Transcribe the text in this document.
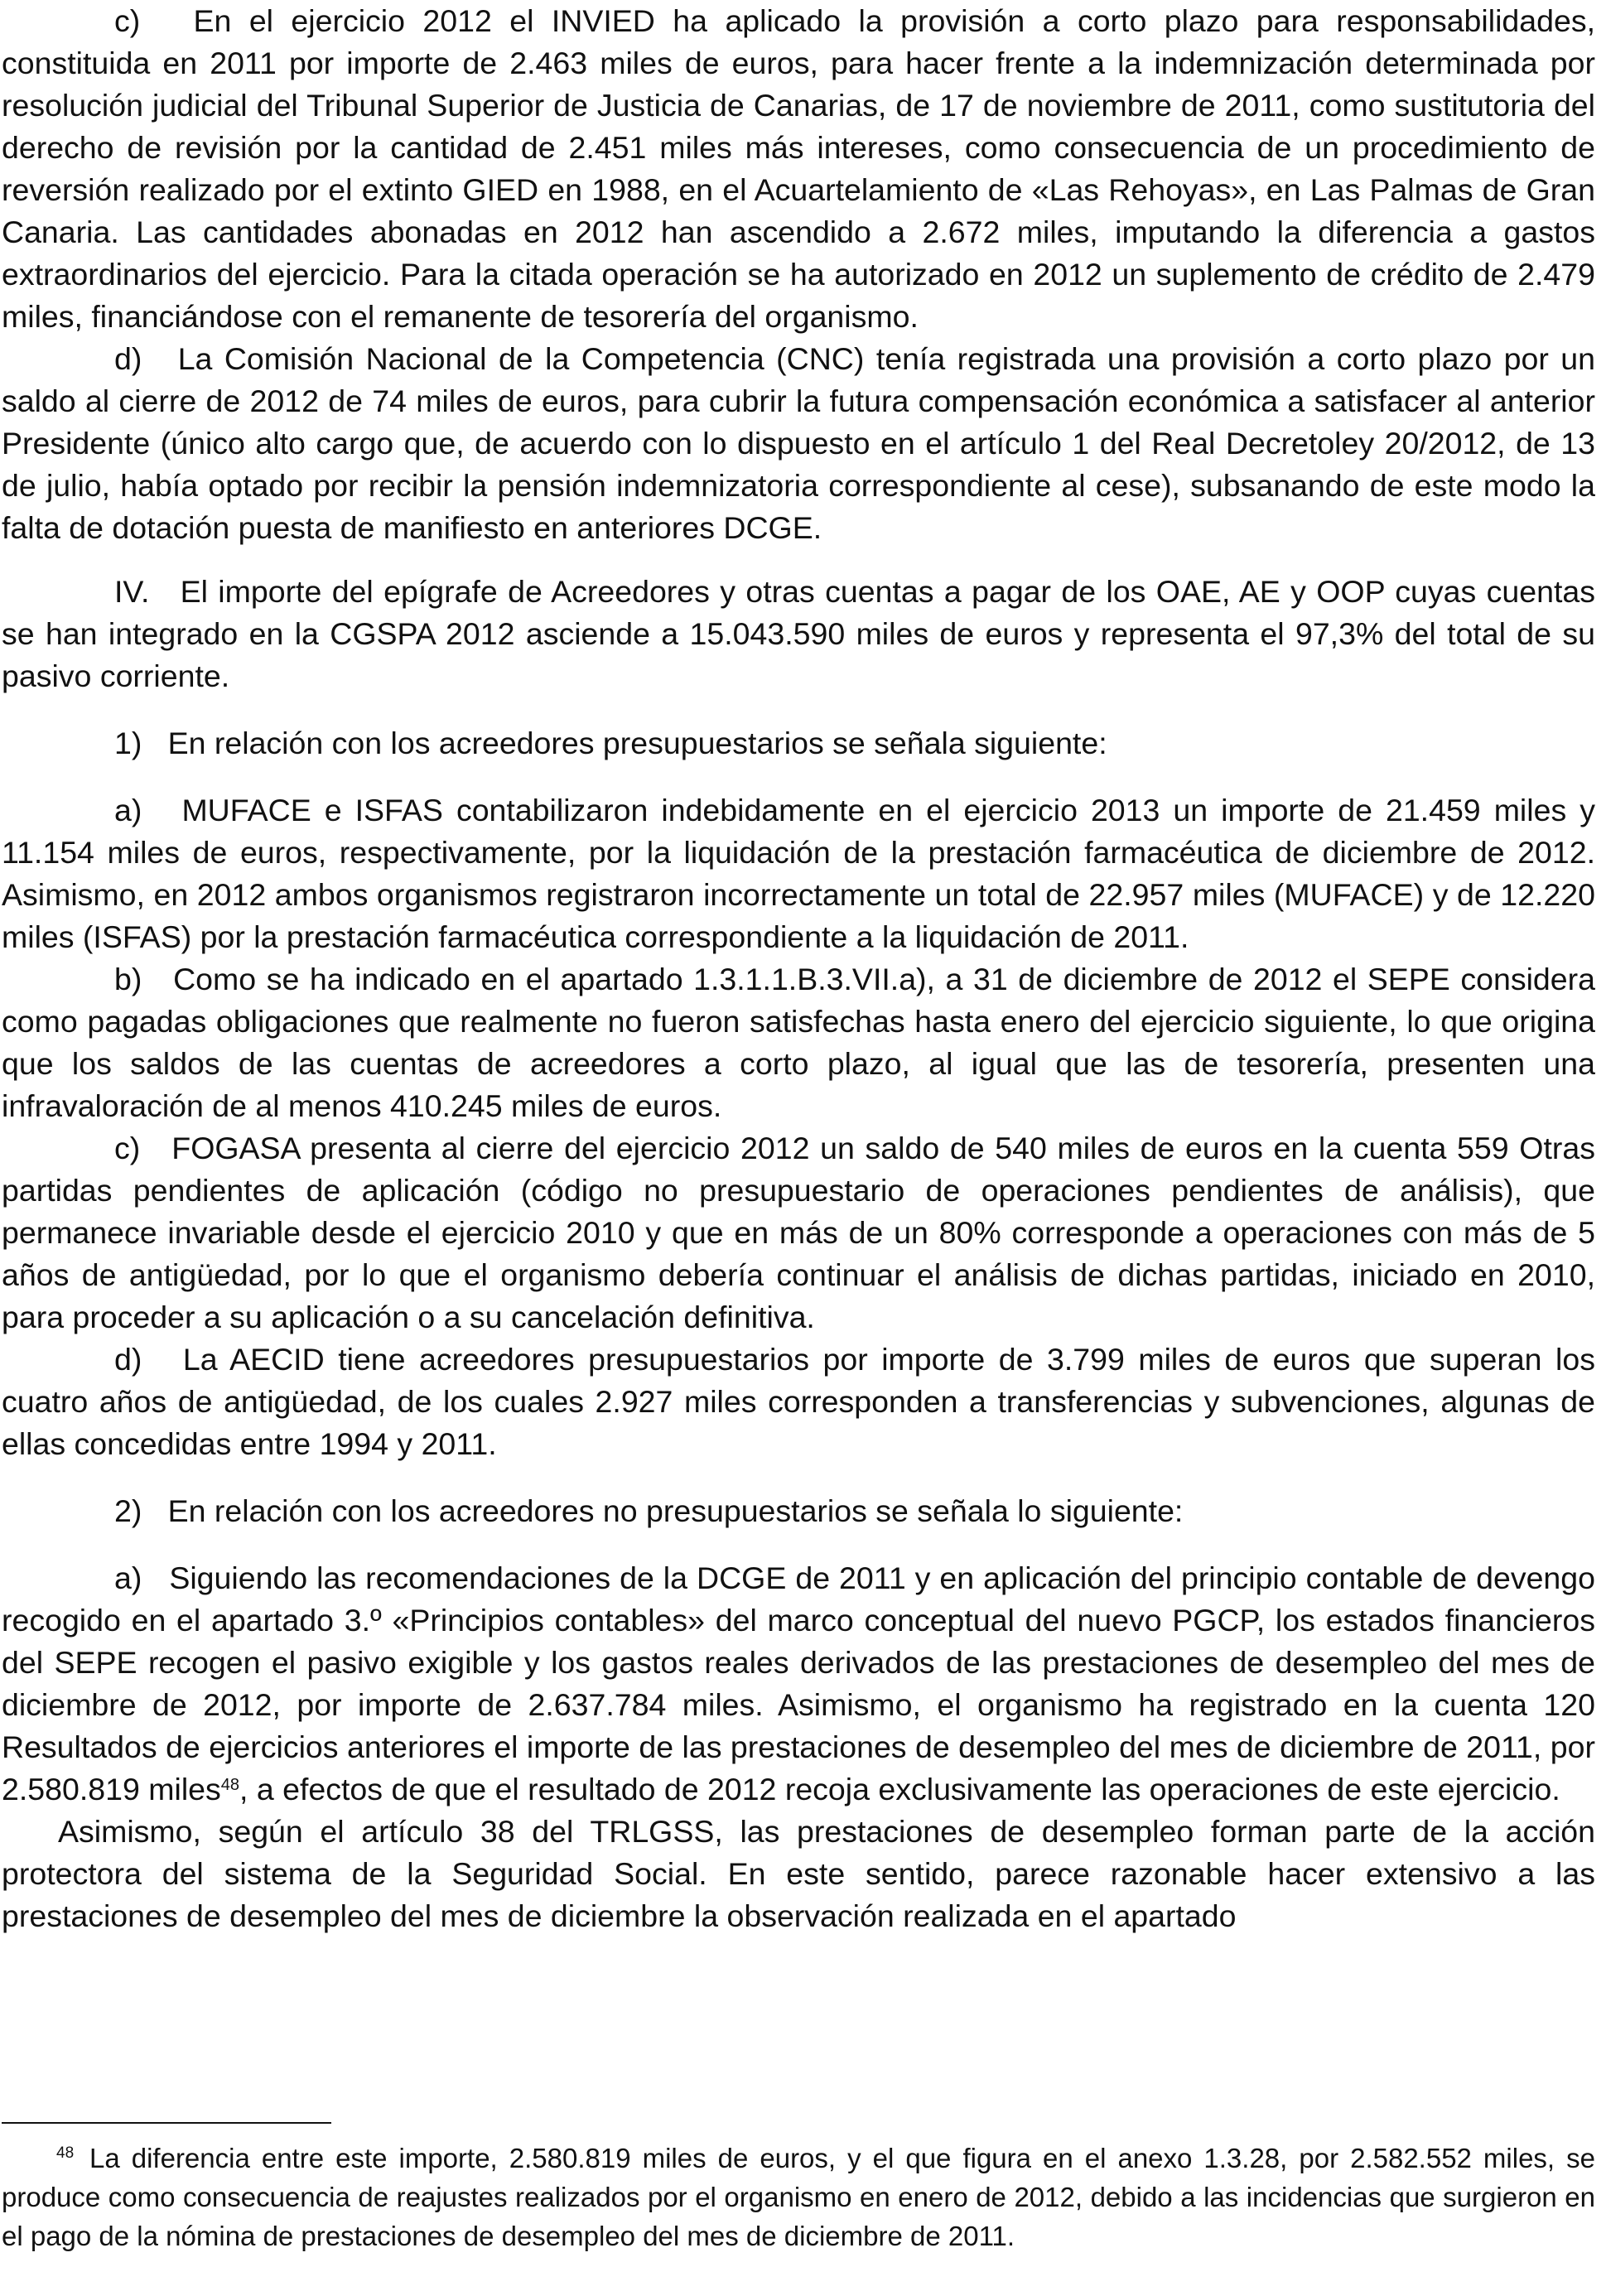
c) En el ejercicio 2012 el INVIED ha aplicado la provisión a corto plazo para responsabilidades, constituida en 2011 por importe de 2.463 miles de euros, para hacer frente a la indemnización determinada por resolución judicial del Tribunal Superior de Justicia de Canarias, de 17 de noviembre de 2011, como sustitutoria del derecho de revisión por la cantidad de 2.451 miles más intereses, como consecuencia de un procedimiento de reversión realizado por el extinto GIED en 1988, en el Acuartelamiento de «Las Rehoyas», en Las Palmas de Gran Canaria. Las cantidades abonadas en 2012 han ascendido a 2.672 miles, imputando la diferencia a gastos extraordinarios del ejercicio. Para la citada operación se ha autorizado en 2012 un suplemento de crédito de 2.479 miles, financiándose con el remanente de tesorería del organismo.

d) La Comisión Nacional de la Competencia (CNC) tenía registrada una provisión a corto plazo por un saldo al cierre de 2012 de 74 miles de euros, para cubrir la futura compensación económica a satisfacer al anterior Presidente (único alto cargo que, de acuerdo con lo dispuesto en el artículo 1 del Real Decretoley 20/2012, de 13 de julio, había optado por recibir la pensión indemnizatoria correspondiente al cese), subsanando de este modo la falta de dotación puesta de manifiesto en anteriores DCGE.

IV. El importe del epígrafe de Acreedores y otras cuentas a pagar de los OAE, AE y OOP cuyas cuentas se han integrado en la CGSPA 2012 asciende a 15.043.590 miles de euros y representa el 97,3% del total de su pasivo corriente.

1) En relación con los acreedores presupuestarios se señala siguiente:

a) MUFACE e ISFAS contabilizaron indebidamente en el ejercicio 2013 un importe de 21.459 miles y 11.154 miles de euros, respectivamente, por la liquidación de la prestación farmacéutica de diciembre de 2012. Asimismo, en 2012 ambos organismos registraron incorrectamente un total de 22.957 miles (MUFACE) y de 12.220 miles (ISFAS) por la prestación farmacéutica correspondiente a la liquidación de 2011.

b) Como se ha indicado en el apartado 1.3.1.1.B.3.VII.a), a 31 de diciembre de 2012 el SEPE considera como pagadas obligaciones que realmente no fueron satisfechas hasta enero del ejercicio siguiente, lo que origina que los saldos de las cuentas de acreedores a corto plazo, al igual que las de tesorería, presenten una infravaloración de al menos 410.245 miles de euros.

c) FOGASA presenta al cierre del ejercicio 2012 un saldo de 540 miles de euros en la cuenta 559 Otras partidas pendientes de aplicación (código no presupuestario de operaciones pendientes de análisis), que permanece invariable desde el ejercicio 2010 y que en más de un 80% corresponde a operaciones con más de 5 años de antigüedad, por lo que el organismo debería continuar el análisis de dichas partidas, iniciado en 2010, para proceder a su aplicación o a su cancelación definitiva.

d) La AECID tiene acreedores presupuestarios por importe de 3.799 miles de euros que superan los cuatro años de antigüedad, de los cuales 2.927 miles corresponden a transferencias y subvenciones, algunas de ellas concedidas entre 1994 y 2011.

2) En relación con los acreedores no presupuestarios se señala lo siguiente:

a) Siguiendo las recomendaciones de la DCGE de 2011 y en aplicación del principio contable de devengo recogido en el apartado 3.º «Principios contables» del marco conceptual del nuevo PGCP, los estados financieros del SEPE recogen el pasivo exigible y los gastos reales derivados de las prestaciones de desempleo del mes de diciembre de 2012, por importe de 2.637.784 miles. Asimismo, el organismo ha registrado en la cuenta 120 Resultados de ejercicios anteriores el importe de las prestaciones de desempleo del mes de diciembre de 2011, por 2.580.819 miles$^{48}$, a efectos de que el resultado de 2012 recoja exclusivamente las operaciones de este ejercicio.

Asimismo, según el artículo 38 del TRLGSS, las prestaciones de desempleo forman parte de la acción protectora del sistema de la Seguridad Social. En este sentido, parece razonable hacer extensivo a las prestaciones de desempleo del mes de diciembre la observación realizada en el apartado

48 La diferencia entre este importe, 2.580.819 miles de euros, y el que figura en el anexo 1.3.28, por 2.582.552 miles, se produce como consecuencia de reajustes realizados por el organismo en enero de 2012, debido a las incidencias que surgieron en el pago de la nómina de prestaciones de desempleo del mes de diciembre de 2011.
